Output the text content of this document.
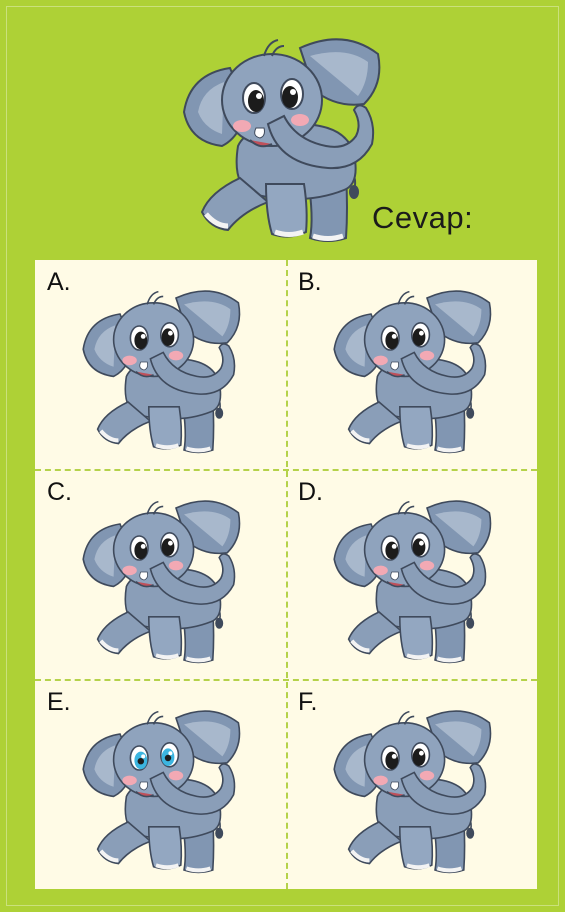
Cevap:
A.	B.
C.	D.
E.	F.
